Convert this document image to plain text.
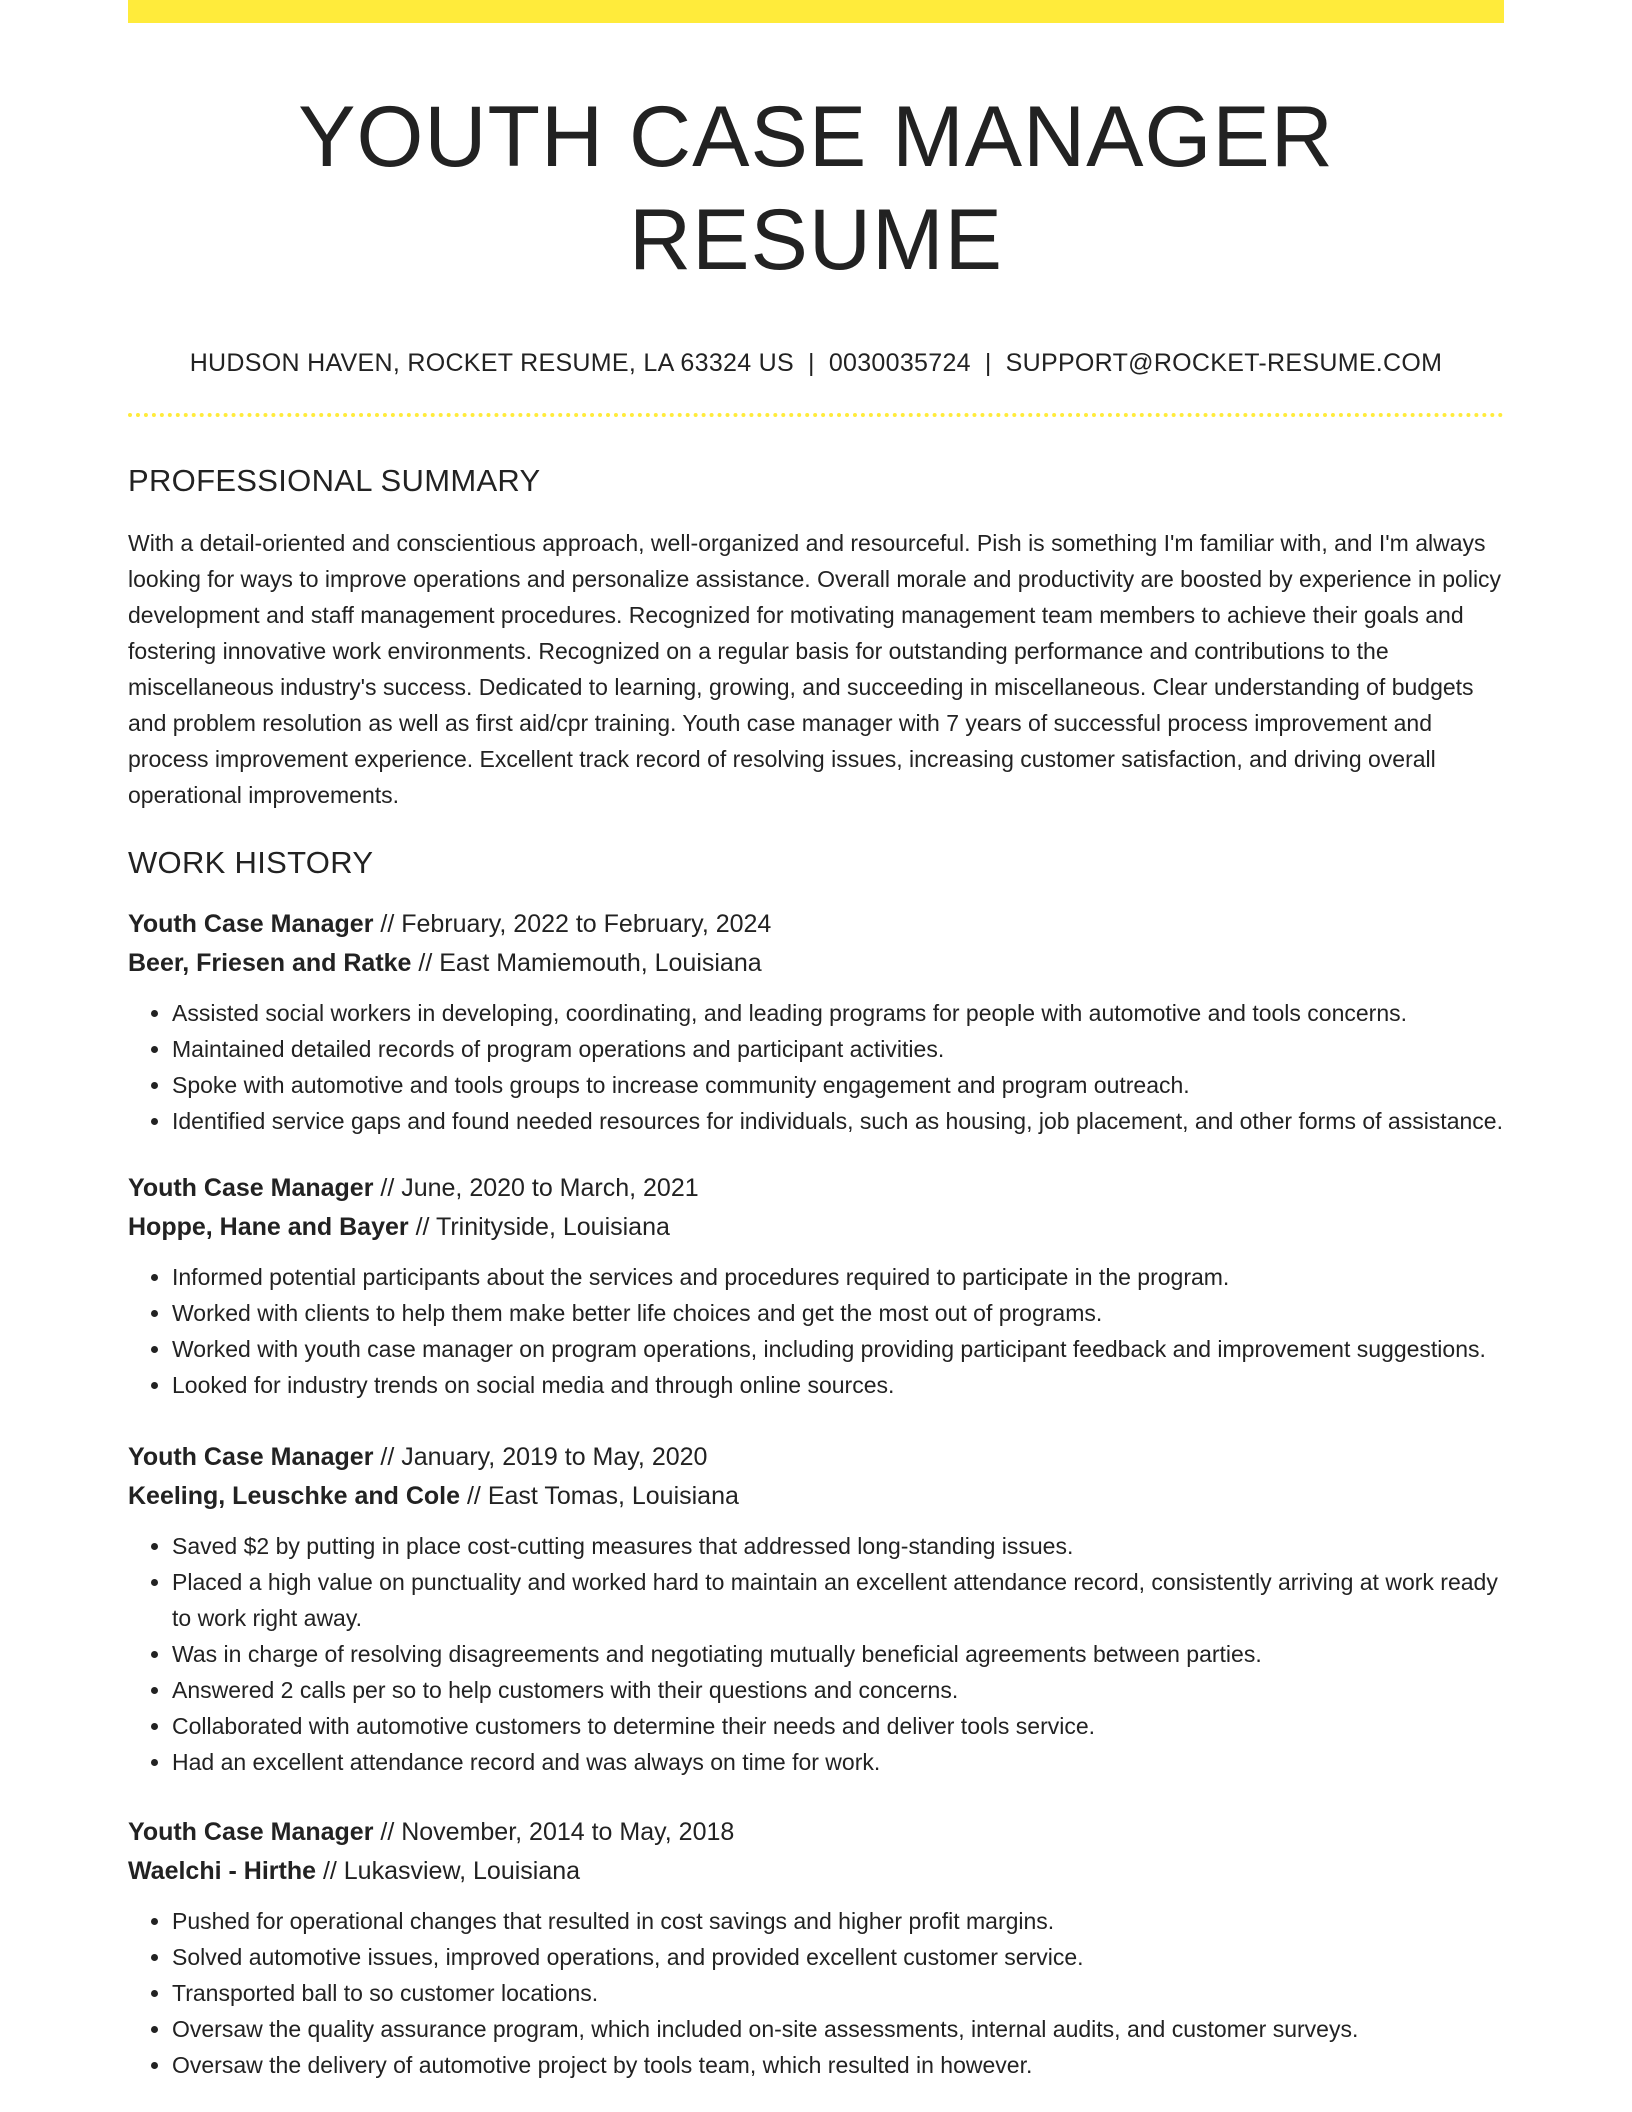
YOUTH CASE MANAGER RESUME
HUDSON HAVEN, ROCKET RESUME, LA 63324 US | 0030035724 | SUPPORT@ROCKET-RESUME.COM
PROFESSIONAL SUMMARY

With a detail-oriented and conscientious approach, well-organized and resourceful. Pish is something I'm familiar with, and I'm always looking for ways to improve operations and personalize assistance. Overall morale and productivity are boosted by experience in policy development and staff management procedures. Recognized for motivating management team members to achieve their goals and fostering innovative work environments. Recognized on a regular basis for outstanding performance and contributions to the miscellaneous industry's success. Dedicated to learning, growing, and succeeding in miscellaneous. Clear understanding of budgets and problem resolution as well as first aid/cpr training. Youth case manager with 7 years of successful process improvement and process improvement experience. Excellent track record of resolving issues, increasing customer satisfaction, and driving overall operational improvements.

WORK HISTORY
Youth Case Manager // February, 2022 to February, 2024
Beer, Friesen and Ratke // East Mamiemouth, Louisiana
• Assisted social workers in developing, coordinating, and leading programs for people with automotive and tools concerns.
• Maintained detailed records of program operations and participant activities.
• Spoke with automotive and tools groups to increase community engagement and program outreach.
• Identified service gaps and found needed resources for individuals, such as housing, job placement, and other forms of assistance.
Youth Case Manager // June, 2020 to March, 2021
Hoppe, Hane and Bayer // Trinityside, Louisiana
• Informed potential participants about the services and procedures required to participate in the program.
• Worked with clients to help them make better life choices and get the most out of programs.
• Worked with youth case manager on program operations, including providing participant feedback and improvement suggestions.
• Looked for industry trends on social media and through online sources.
Youth Case Manager // January, 2019 to May, 2020
Keeling, Leuschke and Cole // East Tomas, Louisiana
• Saved $2 by putting in place cost-cutting measures that addressed long-standing issues.
• Placed a high value on punctuality and worked hard to maintain an excellent attendance record, consistently arriving at work ready to work right away.
• Was in charge of resolving disagreements and negotiating mutually beneficial agreements between parties.
• Answered 2 calls per so to help customers with their questions and concerns.
• Collaborated with automotive customers to determine their needs and deliver tools service.
• Had an excellent attendance record and was always on time for work.
Youth Case Manager // November, 2014 to May, 2018
Waelchi - Hirthe // Lukasview, Louisiana
• Pushed for operational changes that resulted in cost savings and higher profit margins.
• Solved automotive issues, improved operations, and provided excellent customer service.
• Transported ball to so customer locations.
• Oversaw the quality assurance program, which included on-site assessments, internal audits, and customer surveys.
• Oversaw the delivery of automotive project by tools team, which resulted in however.
